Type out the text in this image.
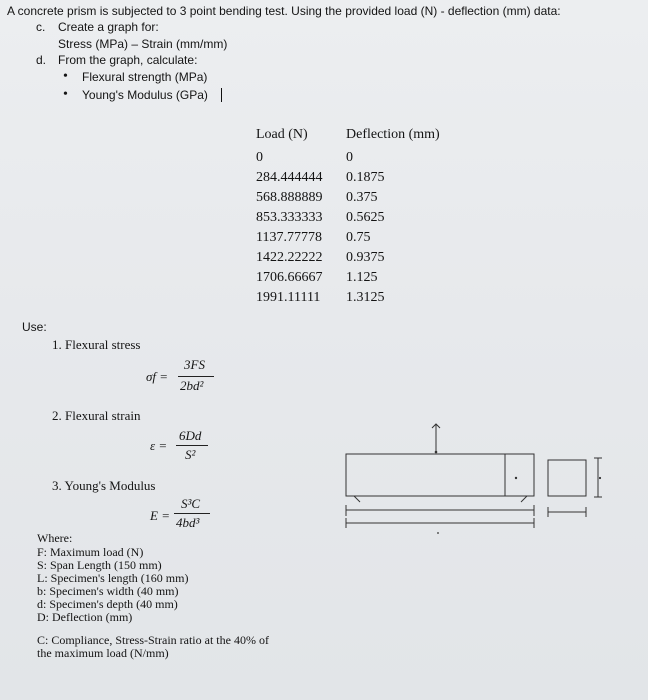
A concrete prism is subjected to 3 point bending test. Using the provided load (N) - deflection (mm) data:
c. Create a graph for:
Stress (MPa) – Strain (mm/mm)
d. From the graph, calculate:
• Flexural strength (MPa)
• Young's Modulus (GPa)
Load (N)	Deflection (mm)
0	0
284.444444 0.1875
568.888889 0.375
853.333333 0.5625
1137.77778 0.75
1422.22222 0.9375
1706.66667 1.125
1991.11111 1.3125
Use:
1. Flexural stress
σf =
3FS
2bd²
2. Flexural strain
ε =
6Dd
S²
3. Young's Modulus
E =
S³C
4bd³
Where:
F: Maximum load (N)
S: Span Length (150 mm)
L: Specimen's length (160 mm)
b: Specimen's width (40 mm)
d: Specimen's depth (40 mm)
D: Deflection (mm)
C: Compliance, Stress-Strain ratio at the 40% of
the maximum load (N/mm)
